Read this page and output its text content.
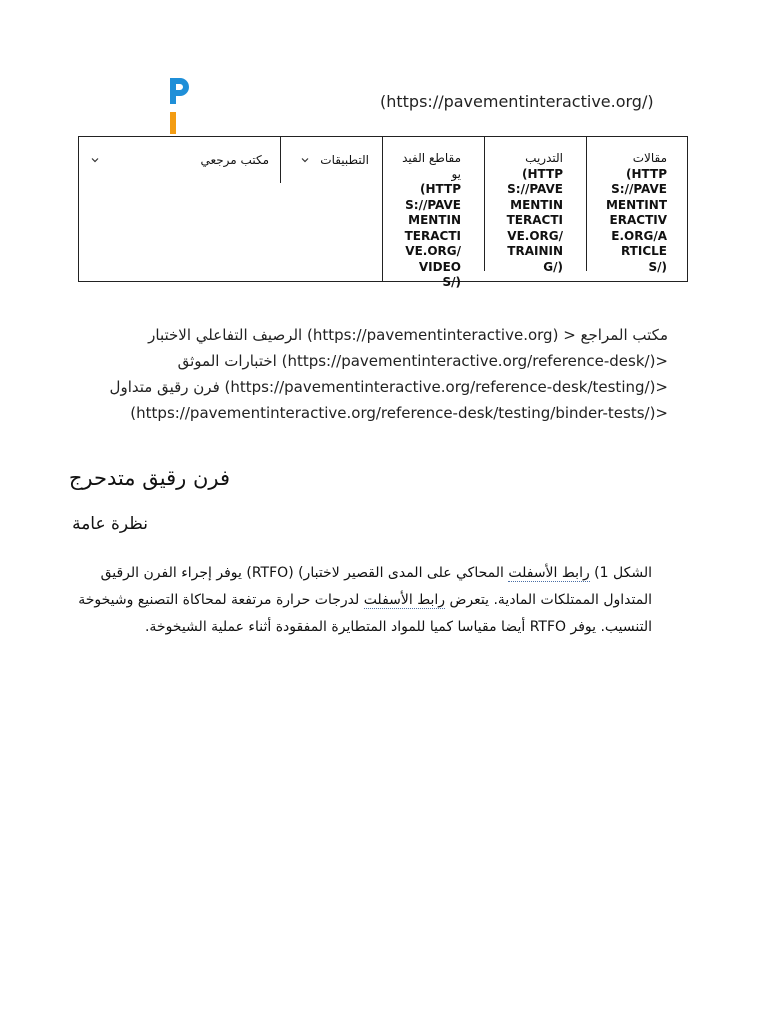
(https://pavementinteractive.org/)
مقالات
(HTTPS://PAVEMENTINTERACTIVE.ORG/ARTICLES/)
التدريب
(HTTPS://PAVEMENTINTERACTIVE.ORG/TRAINING/)
مقاطع الفيديو
(HTTPS://PAVEMENTINTERACTIVE.ORG/VIDEOS/)
التطبيقات
مكتب مرجعي
مكتب المراجع < (https://pavementinteractive.org) الرصيف التفاعلي الاختبار <(https://pavementinteractive.org/reference-desk/) اختبارات الموثق <(https://pavementinteractive.org/reference-desk/testing/) فرن رقيق متداول <(https://pavementinteractive.org/reference-desk/testing/binder-tests/)
فرن رقيق متدحرج
نظرة عامة

الشكل 1) رابط الأسفلت المحاكي على المدى القصير لاختبار) (RTFO) يوفر إجراء الفرن الرقيق المتداول الممتلكات المادية. يتعرض رابط الأسفلت لدرجات حرارة مرتفعة لمحاكاة التصنيع وشيخوخة التنسيب. يوفر RTFO أيضا مقياسا كميا للمواد المتطايرة المفقودة أثناء عملية الشيخوخة.
